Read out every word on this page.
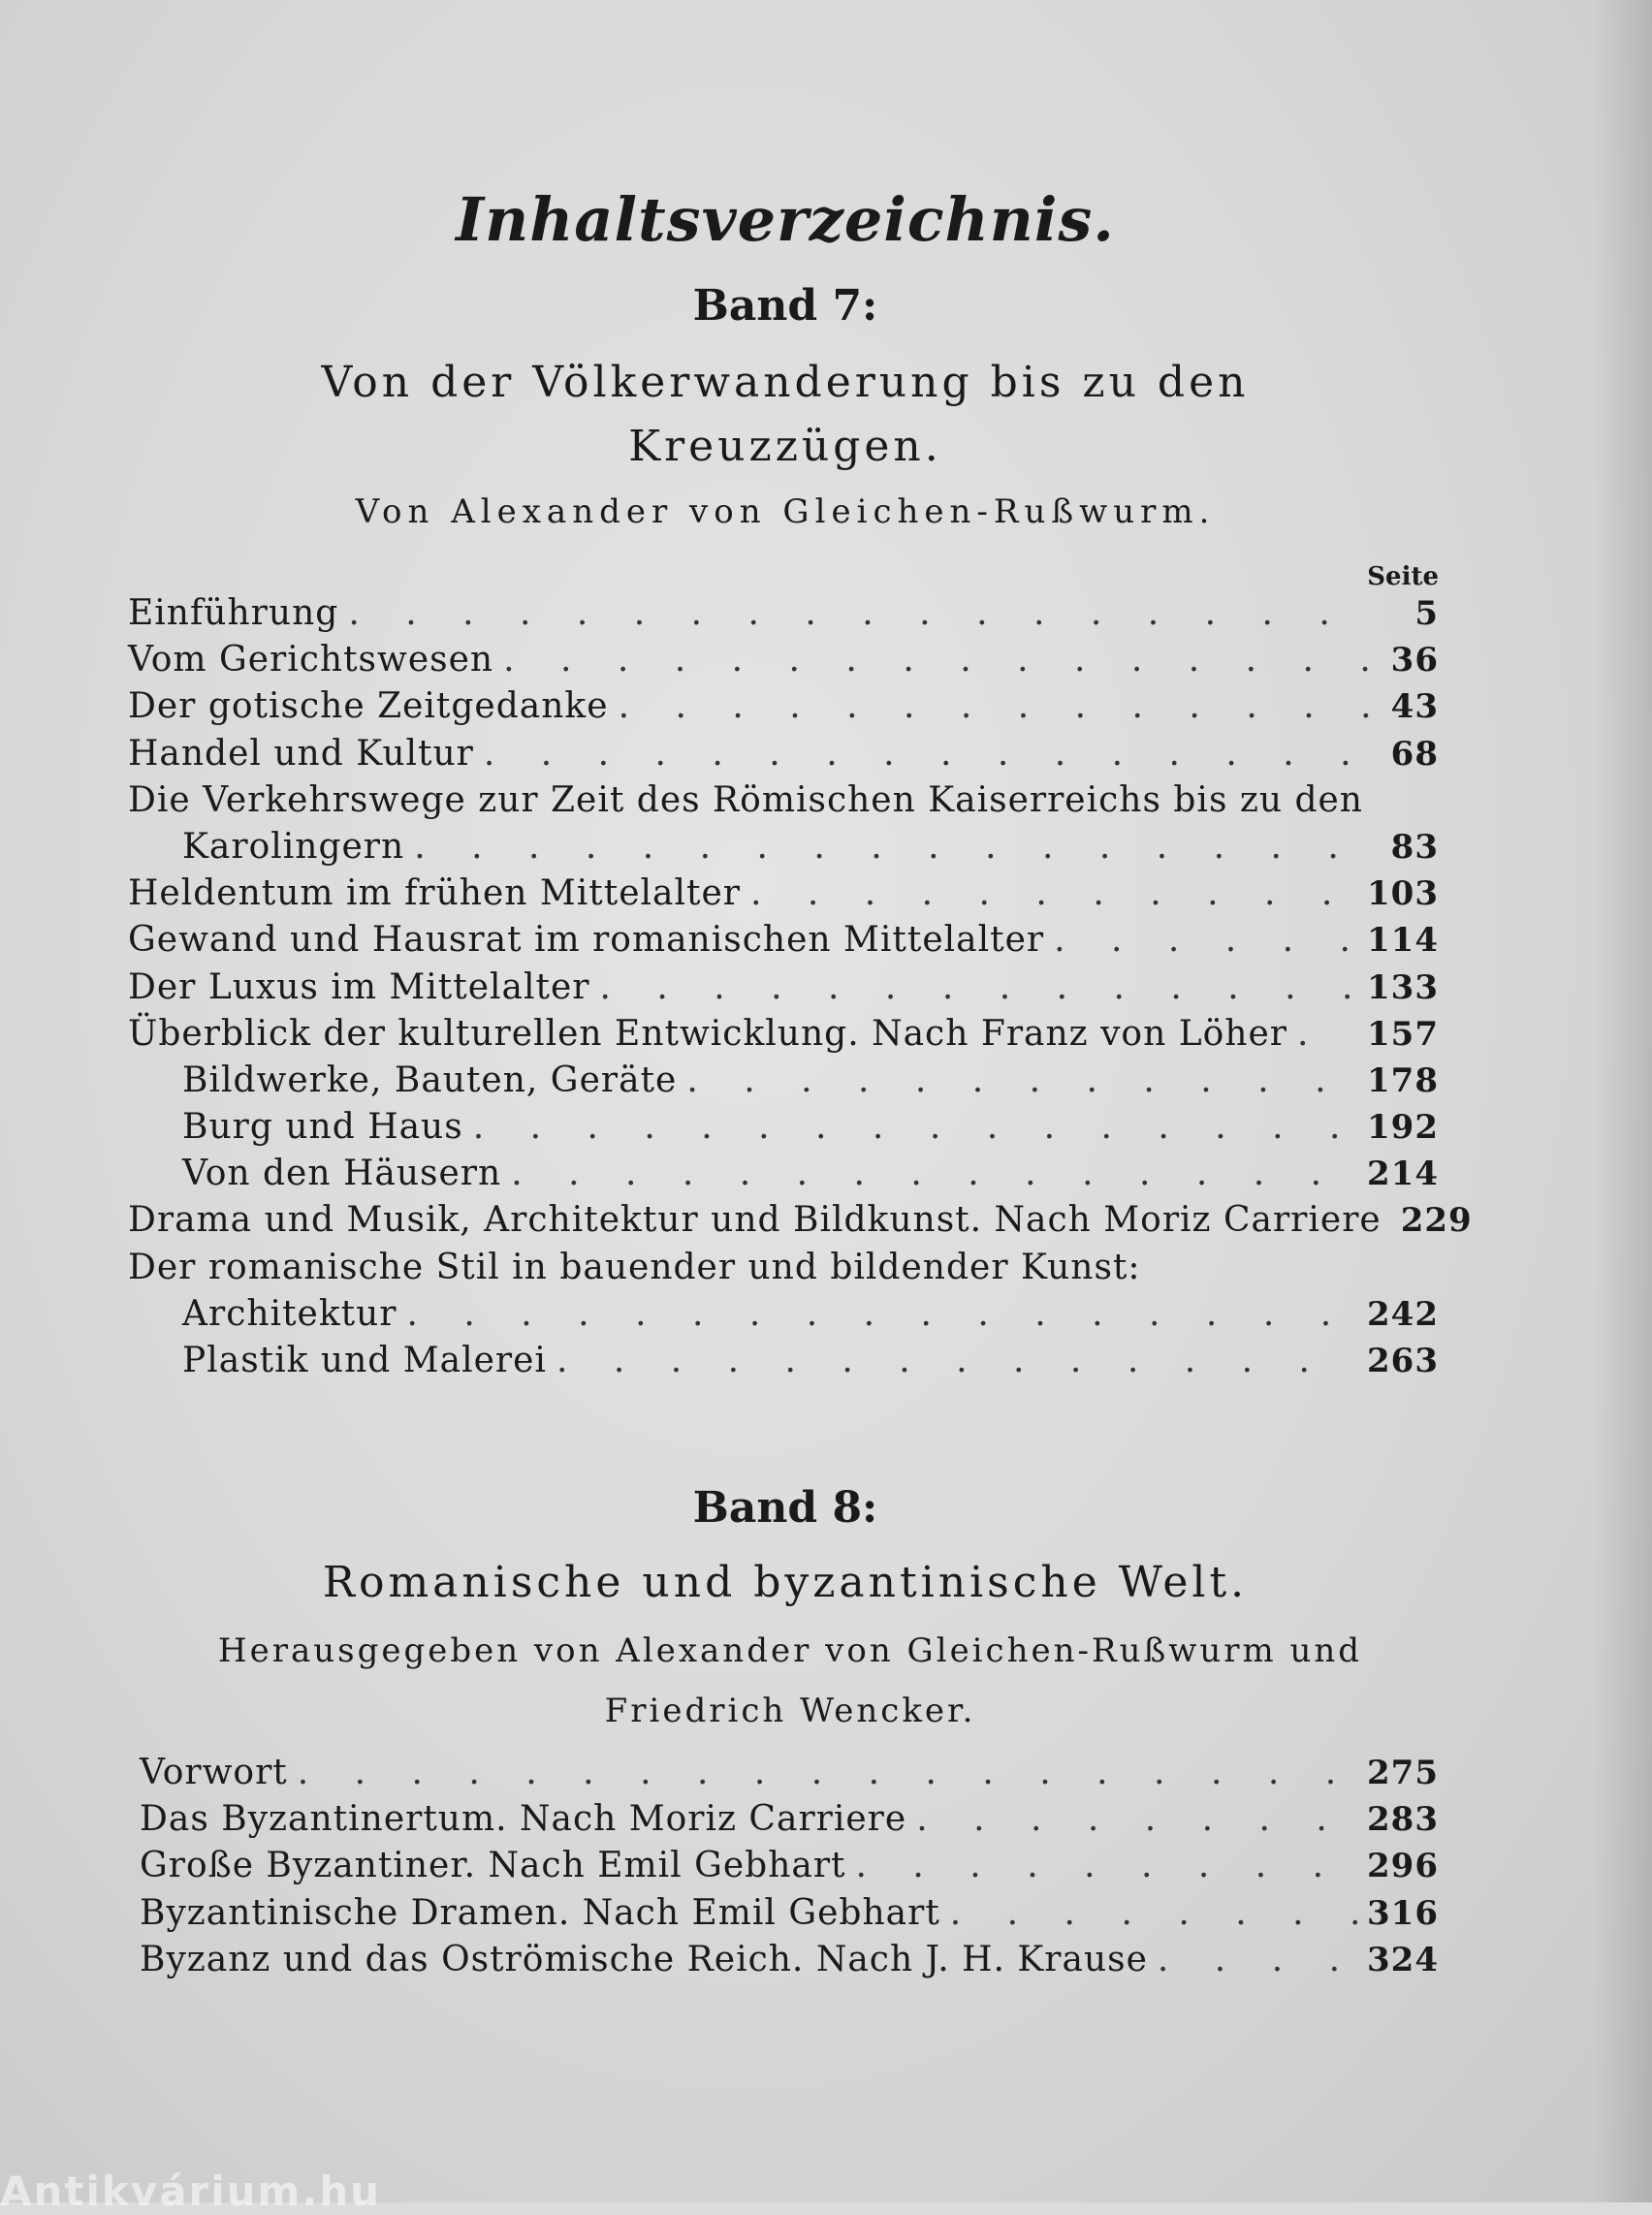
Inhaltsverzeichnis.
Band 7:
Von der Völkerwanderung bis zu den
Kreuzzügen.
Von Alexander von Gleichen-Rußwurm.
Seite
Einführung . . .	5
Vom Gerichtswesen . . .	36
Der gotische Zeitgedanke . . .	43
Handel und Kultur . . .	68
Die Verkehrswege zur Zeit des Römischen Kaiserreichs bis zu den
Karolingern . . .	83
Heldentum im frühen Mittelalter . . .	103
Gewand und Hausrat im romanischen Mittelalter . . .	114
Der Luxus im Mittelalter . . .	133
Überblick der kulturellen Entwicklung. Nach Franz von Löher . . . 157
Bildwerke, Bauten, Geräte . . .	178
Burg und Haus . . .	192
Von den Häusern . . .	214
Drama und Musik, Architektur und Bildkunst. Nach Moriz Carriere 229
Der romanische Stil in bauender und bildender Kunst:
Architektur . . .	242
Plastik und Malerei . . .	263
Band 8:
Romanische und byzantinische Welt.
Herausgegeben von Alexander von Gleichen-Rußwurm und
Friedrich Wencker.
Vorwort . . .	275
Das Byzantinertum. Nach Moriz Carriere . . .	283
Große Byzantiner. Nach Emil Gebhart . . .	296
Byzantinische Dramen. Nach Emil Gebhart . . .	316
Byzanz und das Oströmische Reich. Nach J. H. Krause . . .	324
Antikvárium.hu
